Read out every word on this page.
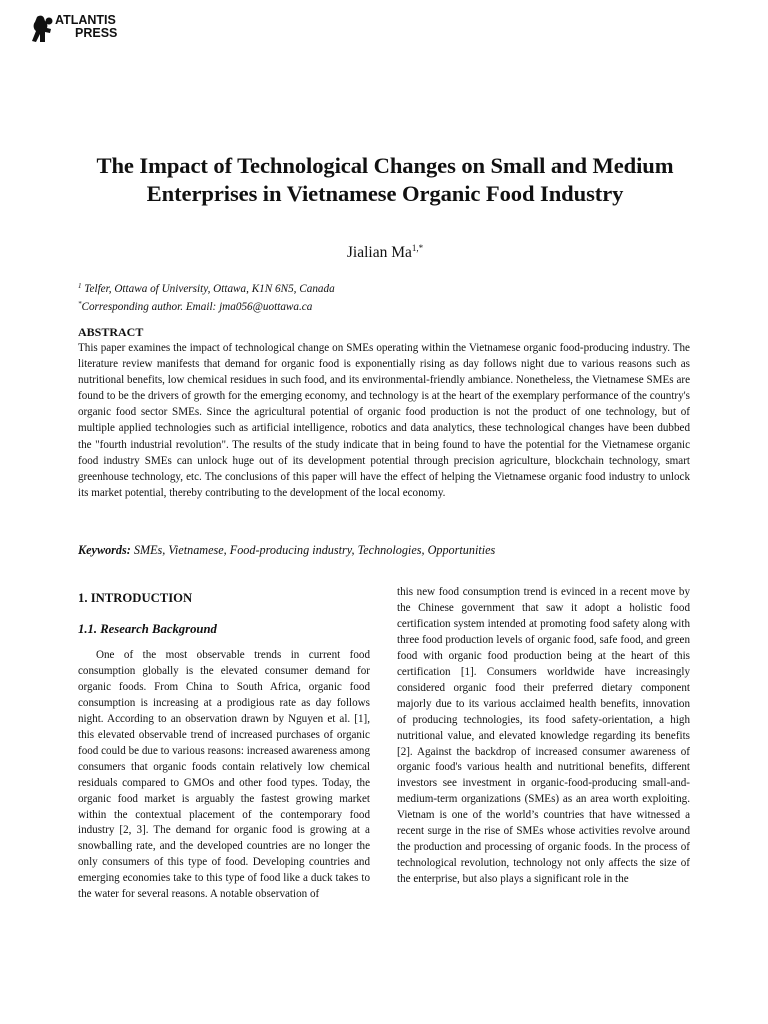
ATLANTIS
PRESS
The Impact of Technological Changes on Small and Medium Enterprises in Vietnamese Organic Food Industry
Jialian $Ma^{1,*}$
$^1$ Telfer, Ottawa of University, Ottawa, K1N 6N5, Canada
*Corresponding author. Email: jma056@uottawa.ca
ABSTRACT

This paper examines the impact of technological change on SMEs operating within the Vietnamese organic food-producing industry. The literature review manifests that demand for organic food is exponentially rising as day follows night due to various reasons such as nutritional benefits, low chemical residues in such food, and its environmental-friendly ambiance. Nonetheless, the Vietnamese SMEs are found to be the drivers of growth for the emerging economy, and technology is at the heart of the exemplary performance of the country's organic food sector SMEs. Since the agricultural potential of organic food production is not the product of one technology, but of multiple applied technologies such as artificial intelligence, robotics and data analytics, these technological changes have been dubbed the "fourth industrial revolution". The results of the study indicate that in being found to have the potential for the Vietnamese organic food industry SMEs can unlock huge out of its development potential through precision agriculture, blockchain technology, smart greenhouse technology, etc. The conclusions of this paper will have the effect of helping the Vietnamese organic food industry to unlock its market potential, thereby contributing to the development of the local economy.

Keywords: SMEs, Vietnamese, Food-producing industry, Technologies, Opportunities
1. INTRODUCTION
1.1. Research Background

One of the most observable trends in current food consumption globally is the elevated consumer demand for organic foods. From China to South Africa, organic food consumption is increasing at a prodigious rate as day follows night. According to an observation drawn by Nguyen et al. [1], this elevated observable trend of increased purchases of organic food could be due to various reasons: increased awareness among consumers that organic foods contain relatively low chemical residuals compared to GMOs and other food types. Today, the organic food market is arguably the fastest growing market within the contextual placement of the contemporary food industry [2, 3]. The demand for organic food is growing at a snowballing rate, and the developed countries are no longer the only consumers of this type of food. Developing countries and emerging economies take to this type of food like a duck takes to the water for several reasons. A notable observation of

this new food consumption trend is evinced in a recent move by the Chinese government that saw it adopt a holistic food certification system intended at promoting food safety along with three food production levels of organic food, safe food, and green food with organic food production being at the heart of this certification [1]. Consumers worldwide have increasingly considered organic food their preferred dietary component majorly due to its various acclaimed health benefits, innovation of producing technologies, its food safety-orientation, a high nutritional value, and elevated knowledge regarding its benefits [2]. Against the backdrop of increased consumer awareness of organic food's various health and nutritional benefits, different investors see investment in organic-food-producing small-and-medium-term organizations (SMEs) as an area worth exploiting. Vietnam is one of the world’s countries that have witnessed a recent surge in the rise of SMEs whose activities revolve around the production and processing of organic foods. In the process of technological revolution, technology not only affects the size of the enterprise, but also plays a significant role in the
